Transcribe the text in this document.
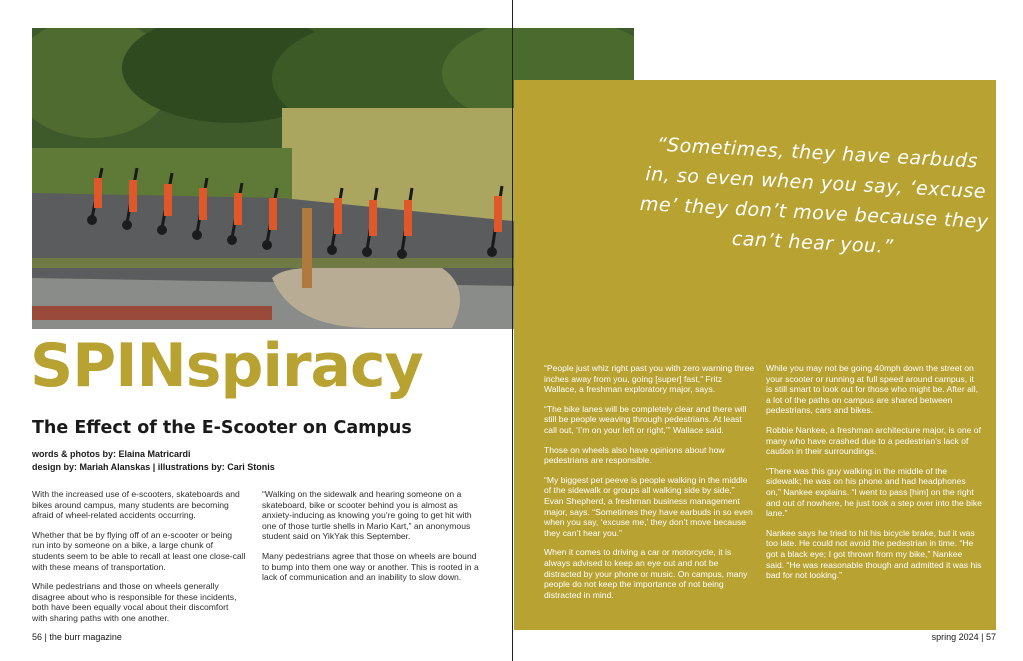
“Sometimes, they have earbuds in, so even when you say, ‘excuse me’ they don’t move because they can’t hear you.”
SPINspiracy
The Effect of the E-Scooter on Campus
words & photos by: Elaina Matricardi
design by: Mariah Alanskas | illustrations by: Cari Stonis

With the increased use of e-scooters, skateboards and bikes around campus, many students are becoming afraid of wheel-related accidents occurring.

Whether that be by flying off of an e-scooter or being run into by someone on a bike, a large chunk of students seem to be able to recall at least one close-call with these means of transportation.

While pedestrians and those on wheels generally disagree about who is responsible for these incidents, both have been equally vocal about their discomfort with sharing paths with one another.

“Walking on the sidewalk and hearing someone on a skateboard, bike or scooter behind you is almost as anxiety-inducing as knowing you’re going to get hit with one of those turtle shells in Mario Kart,” an anonymous student said on YikYak this September.

Many pedestrians agree that those on wheels are bound to bump into them one way or another. This is rooted in a lack of communication and an inability to slow down.

“People just whiz right past you with zero warning three inches away from you, going [super] fast,” Fritz Wallace, a freshman exploratory major, says.

“The bike lanes will be completely clear and there will still be people weaving through pedestrians. At least call out, ‘I’m on your left or right,’” Wallace said.

Those on wheels also have opinions about how pedestrians are responsible.

“My biggest pet peeve is people walking in the middle of the sidewalk or groups all walking side by side,” Evan Shepherd, a freshman business management major, says. “Sometimes they have earbuds in so even when you say, ‘excuse me,’ they don’t move because they can’t hear you.”

When it comes to driving a car or motorcycle, it is always advised to keep an eye out and not be distracted by your phone or music. On campus, many people do not keep the importance of not being distracted in mind.

While you may not be going 40mph down the street on your scooter or running at full speed around campus, it is still smart to look out for those who might be. After all, a lot of the paths on campus are shared between pedestrians, cars and bikes.

Robbie Nankee, a freshman architecture major, is one of many who have crashed due to a pedestrian’s lack of caution in their surroundings.

“There was this guy walking in the middle of the sidewalk; he was on his phone and had headphones on,” Nankee explains. “I went to pass [him] on the right and out of nowhere, he just took a step over into the bike lane.”

Nankee says he tried to hit his bicycle brake, but it was too late. He could not avoid the pedestrian in time. “He got a black eye; I got thrown from my bike,” Nankee said. “He was reasonable though and admitted it was his bad for not looking.”

56 | the burr magazine	spring 2024 | 57
